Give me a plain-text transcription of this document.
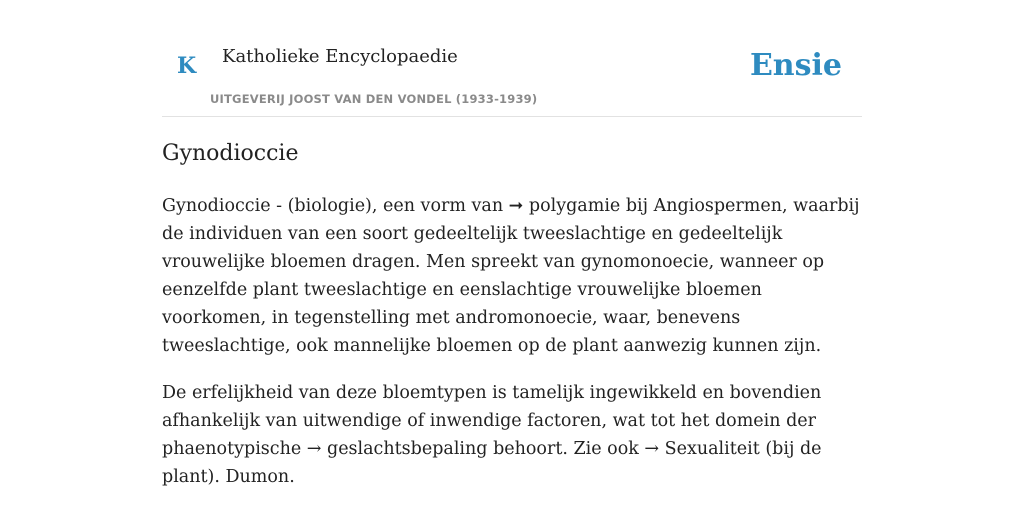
K Katholieke Encyclopaedie
UITGEVERIJ JOOST VAN DEN VONDEL (1933-1939)
Ensie
Gynodioccie

Gynodioccie - (biologie), een vorm van ➞ polygamie bij Angiospermen, waarbij de individuen van een soort gedeeltelijk tweeslachtige en gedeeltelijk vrouwelijke bloemen dragen. Men spreekt van gynomonoecie, wanneer op eenzelfde plant tweeslachtige en eenslachtige vrouwelijke bloemen voorkomen, in tegenstelling met andromonoecie, waar, benevens tweeslachtige, ook mannelijke bloemen op de plant aanwezig kunnen zijn.

De erfelijkheid van deze bloemtypen is tamelijk ingewikkeld en bovendien afhankelijk van uitwendige of inwendige factoren, wat tot het domein der phaenotypische → geslachtsbepaling behoort. Zie ook → Sexualiteit (bij de plant). Dumon.
